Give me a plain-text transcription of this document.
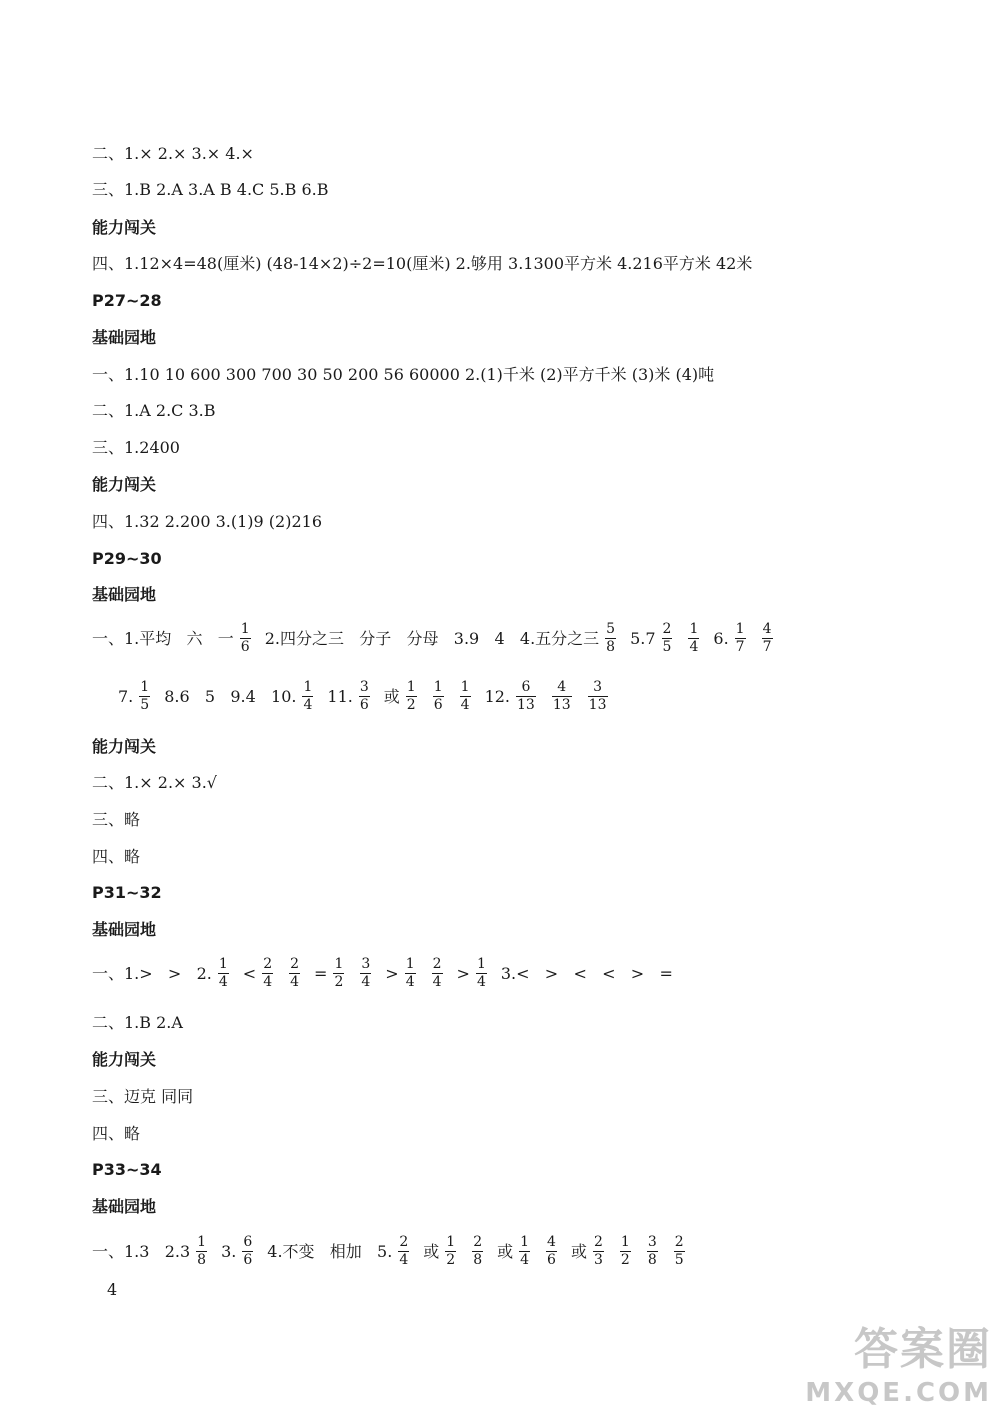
二、1.× 2.× 3.× 4.×
三、1.B 2.A 3.A B 4.C 5.B 6.B
能力闯关
四、1.12×4=48(厘米) (48-14×2)÷2=10(厘米) 2.够用 3.1300平方米 4.216平方米 42米
P27~28
基础园地
一、1.10 10 600 300 700 30 50 200 56 60000 2.(1)千米 (2)平方千米 (3)米 (4)吨
二、1.A 2.C 3.B
三、1.2400
能力闯关
四、1.32 2.200 3.(1)9 (2)216
P29~30
基础园地
一、1.平均   六   一 $\frac{1}{6} 2$.四分之三   分子   分母   3.9   4   4.五分之三 $\frac{5}{8} 5.7 \frac{2}{5} \frac{1}{4} 6$. $\frac{1}{7} \frac{4}{7}$
7. $\frac{1}{5} 8.6$   5   9.4   10. $\frac{1}{4} 11$. $\frac{3}{6}$ 或 $\frac{1}{2} \frac{1}{6} \frac{1}{4} 12$. $\frac{6}{13} \frac{4}{13} \frac{3}{13}$
能力闯关
二、1.× 2.× 3.√
三、略
四、略
P31~32
基础园地
一、1.>   >   2. $\frac{1}{4} < \frac{2}{4} \frac{2}{4} = \frac{1}{2} \frac{3}{4} > \frac{1}{4} \frac{2}{4} > \frac{1}{4} 3.<$   >   <   <   >   =
二、1.B 2.A
能力闯关
三、迈克 同同
四、略
P33~34
基础园地
一、1.3   $2.3 \frac{1}{8} 3$. $\frac{6}{6} 4$.不变   相加   5. $\frac{2}{4}$ 或 $\frac{1}{2} \frac{2}{8}$ 或 $\frac{1}{4} \frac{4}{6}$ 或 $\frac{2}{3} \frac{1}{2} \frac{3}{8} \frac{2}{5}$
4
答案圈
MXQE.COM
